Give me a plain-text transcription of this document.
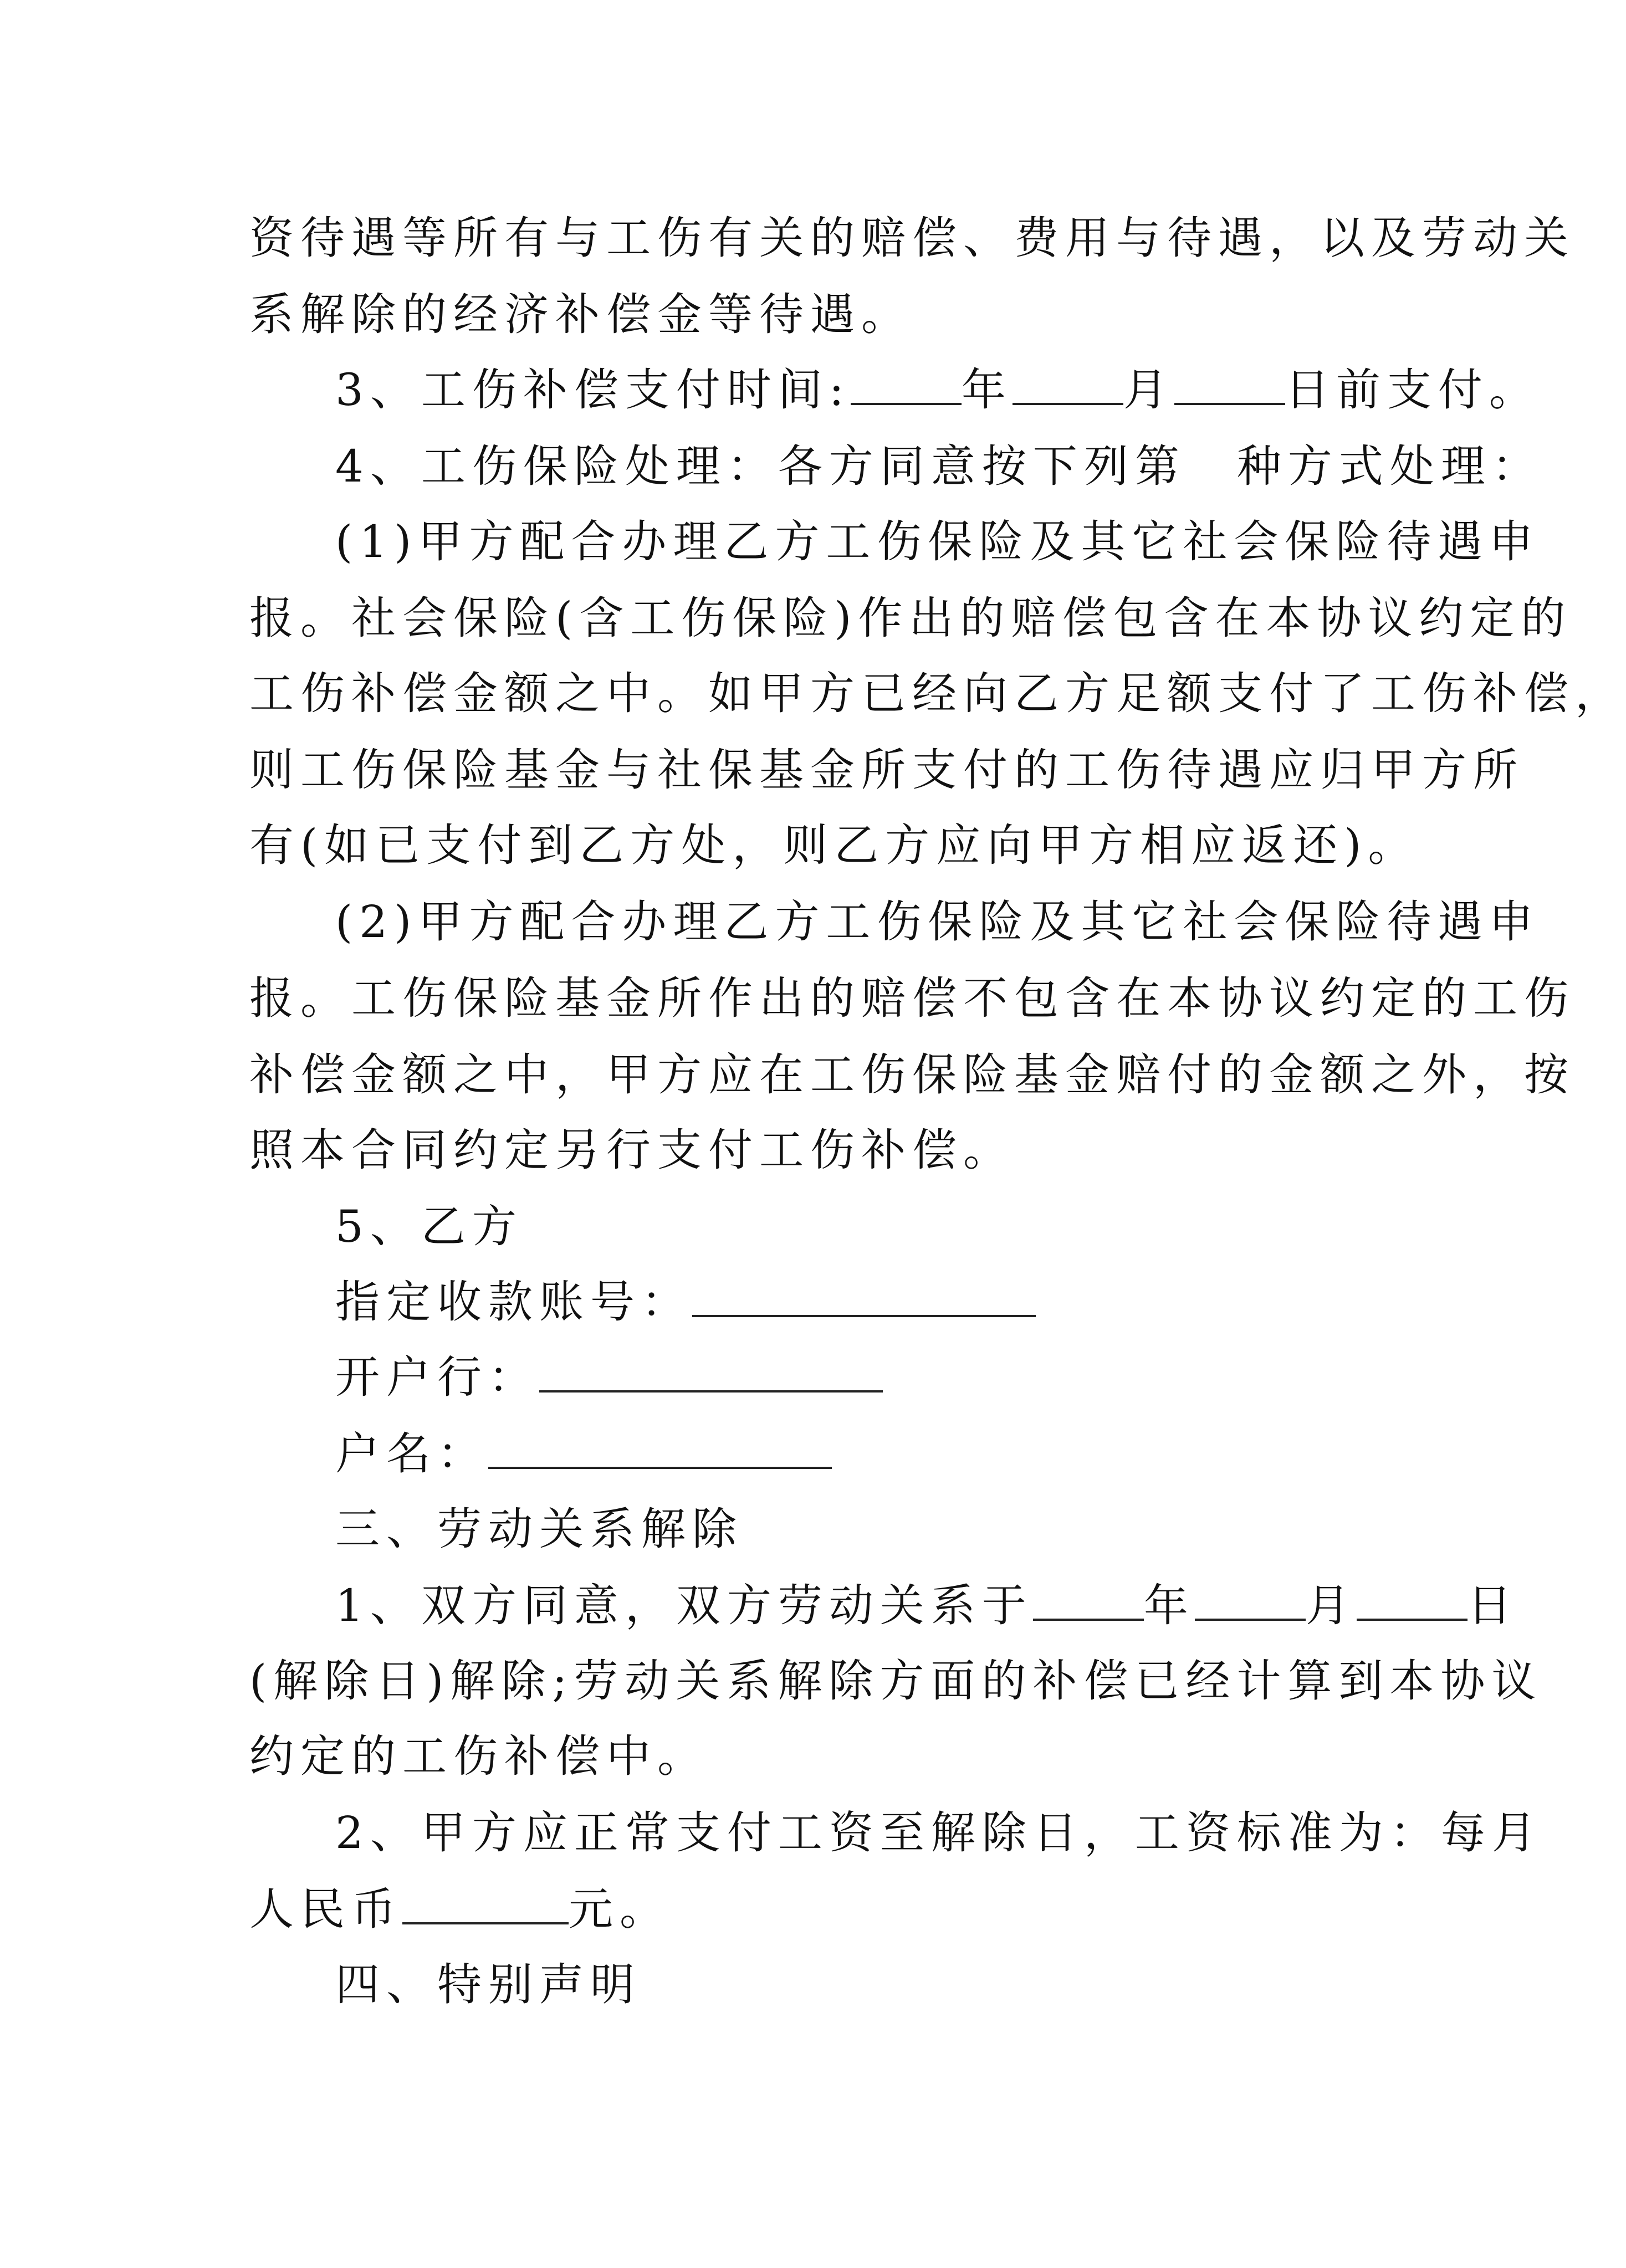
资待遇等所有与工伤有关的赔偿、费用与待遇，以及劳动关
系解除的经济补偿金等待遇。
3、工伤补偿支付时间:	年	月	日前支付。
4、工伤保险处理：各方同意按下列第　种方式处理：
(1)甲方配合办理乙方工伤保险及其它社会保险待遇申
报。社会保险(含工伤保险)作出的赔偿包含在本协议约定的
工伤补偿金额之中。如甲方已经向乙方足额支付了工伤补偿，
则工伤保险基金与社保基金所支付的工伤待遇应归甲方所
有(如已支付到乙方处，则乙方应向甲方相应返还)。
(2)甲方配合办理乙方工伤保险及其它社会保险待遇申
报。工伤保险基金所作出的赔偿不包含在本协议约定的工伤
补偿金额之中，甲方应在工伤保险基金赔付的金额之外，按
照本合同约定另行支付工伤补偿。
5、乙方
指定收款账号：
开户行：
户名：
三、劳动关系解除
1、双方同意，双方劳动关系于	年	月	日
(解除日)解除;劳动关系解除方面的补偿已经计算到本协议
约定的工伤补偿中。
2、甲方应正常支付工资至解除日，工资标准为：每月
人民币	元。
四、特别声明
